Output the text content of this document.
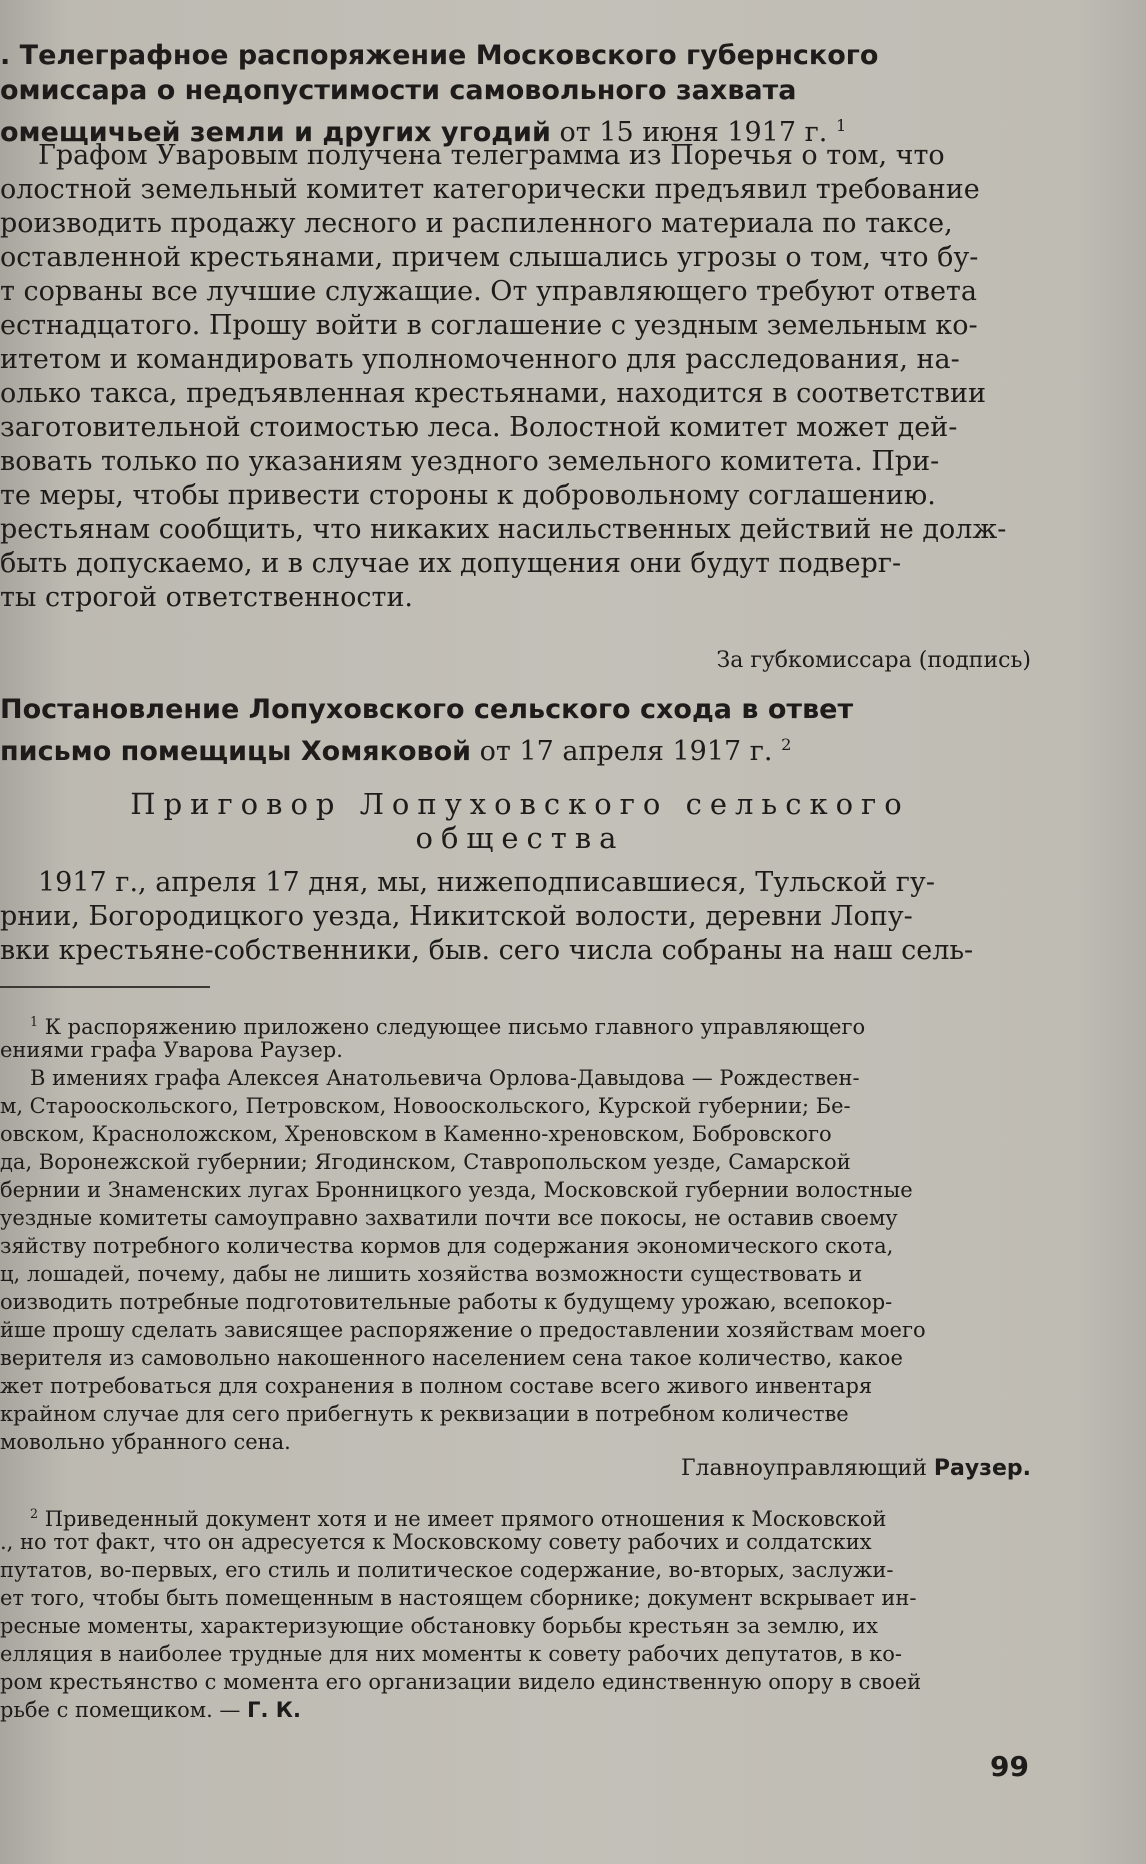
. Телеграфное распоряжение Московского губернского
омиссара о недопустимости самовольного захвата
омещичьей земли и других угодий от 15 июня 1917 г. $^1$
Графом Уваровым получена телеграмма из Поречья о том, что
олостной земельный комитет категорически предъявил требование
роизводить продажу лесного и распиленного материала по таксе,
оставленной крестьянами, причем слышались угрозы о том, что бу-
т сорваны все лучшие служащие. От управляющего требуют ответа
естнадцатого. Прошу войти в соглашение с уездным земельным ко-
итетом и командировать уполномоченного для расследования, на-
олько такса, предъявленная крестьянами, находится в соответствии
заготовительной стоимостью леса. Волостной комитет может дей-
вовать только по указаниям уездного земельного комитета. При-
те меры, чтобы привести стороны к добровольному соглашению.
рестьянам сообщить, что никаких насильственных действий не долж-
быть допускаемо, и в случае их допущения они будут подверг-
ты строгой ответственности.
За губкомиссара (подпись)
Постановление Лопуховского сельского схода в ответ
письмо помещицы Хомяковой от 17 апреля 1917 г. $^2$
Приговор Лопуховского сельского
общества
1917 г., апреля 17 дня, мы, нижеподписавшиеся, Тульской гу-
рнии, Богородицкого уезда, Никитской волости, деревни Лопу-
вки крестьяне-собственники, быв. сего числа собраны на наш сель-
$^1$ К распоряжению приложено следующее письмо главного управляющего
ениями графа Уварова Раузер.
В имениях графа Алексея Анатольевича Орлова-Давыдова — Рождествен-
м, Старооскольского, Петровском, Новооскольского, Курской губернии; Бе-
овском, Красноложском, Хреновском в Каменно-хреновском, Бобровского
да, Воронежской губернии; Ягодинском, Ставропольском уезде, Самарской
бернии и Знаменских лугах Бронницкого уезда, Московской губернии волостные
уездные комитеты самоуправно захватили почти все покосы, не оставив своему
зяйству потребного количества кормов для содержания экономического скота,
ц, лошадей, почему, дабы не лишить хозяйства возможности существовать и
оизводить потребные подготовительные работы к будущему урожаю, всепокор-
йше прошу сделать зависящее распоряжение о предоставлении хозяйствам моего
верителя из самовольно накошенного населением сена такое количество, какое
жет потребоваться для сохранения в полном составе всего живого инвентаря
крайном случае для сего прибегнуть к реквизации в потребном количестве
мовольно убранного сена.
Главноуправляющий Раузер.
$^2$ Приведенный документ хотя и не имеет прямого отношения к Московской
., но тот факт, что он адресуется к Московскому совету рабочих и солдатских
путатов, во-первых, его стиль и политическое содержание, во-вторых, заслужи-
ет того, чтобы быть помещенным в настоящем сборнике; документ вскрывает ин-
ресные моменты, характеризующие обстановку борьбы крестьян за землю, их
елляция в наиболее трудные для них моменты к совету рабочих депутатов, в ко-
ром крестьянство с момента его организации видело единственную опору в своей
рьбе с помещиком. — Г. К.
99
